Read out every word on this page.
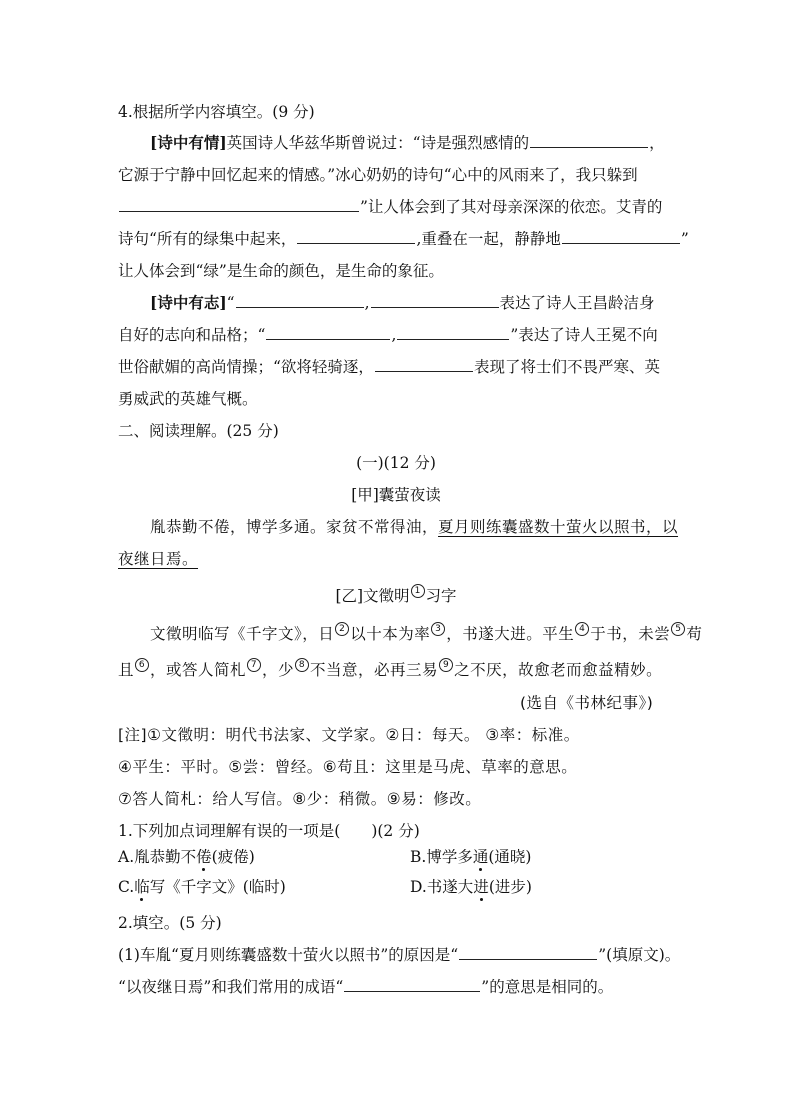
4.根据所学内容填空。(9 分)
[诗中有情]英国诗人华兹华斯曾说过：“诗是强烈感情的	，
它源于宁静中回忆起来的情感。”冰心奶奶的诗句“心中的风雨来了，我只躲到
”让人体会到了其对母亲深深的依恋。艾青的
诗句“所有的绿集中起来，	,重叠在一起，静静地	”
让人体会到“绿”是生命的颜色，是生命的象征。
[诗中有志]“	,	表达了诗人王昌龄洁身
自好的志向和品格；“	,	”表达了诗人王冕不向
世俗献媚的高尚情操；“欲将轻骑逐，	表现了将士们不畏严寒、英
勇威武的英雄气概。
二、阅读理解。(25 分)
(一)(12 分)
[甲]囊萤夜读
胤恭勤不倦，博学多通。家贫不常得油，夏月则练囊盛数十萤火以照书，以
夜继日焉。
[乙]文徵明 1 习字
文徵明临写《千字文》，日 2 以十本为率 3 ，书遂大进。平生 4 于书，未尝 5 苟
且 6 ，或答人简札 7 ，少 8 不当意，必再三易 9 之不厌，故愈老而愈益精妙。
(选自《书林纪事》)
[注]①文徵明：明代书法家、文学家。②日：每天。 ③率：标准。
④平生：平时。⑤尝：曾经。⑥苟且：这里是马虎、草率的意思。
⑦答人简札：给人写信。⑧少：稍微。⑨易：修改。
1.下列加点词理解有误的一项是(　　)(2 分)
A.胤恭勤不倦(疲倦)	B.博学多通(通晓)
C.临写《千字文》(临时)	D.书遂大进(进步)
2.填空。(5 分)
(1)车胤“夏月则练囊盛数十萤火以照书”的原因是“	”(填原文)。
“以夜继日焉”和我们常用的成语“	”的意思是相同的。
